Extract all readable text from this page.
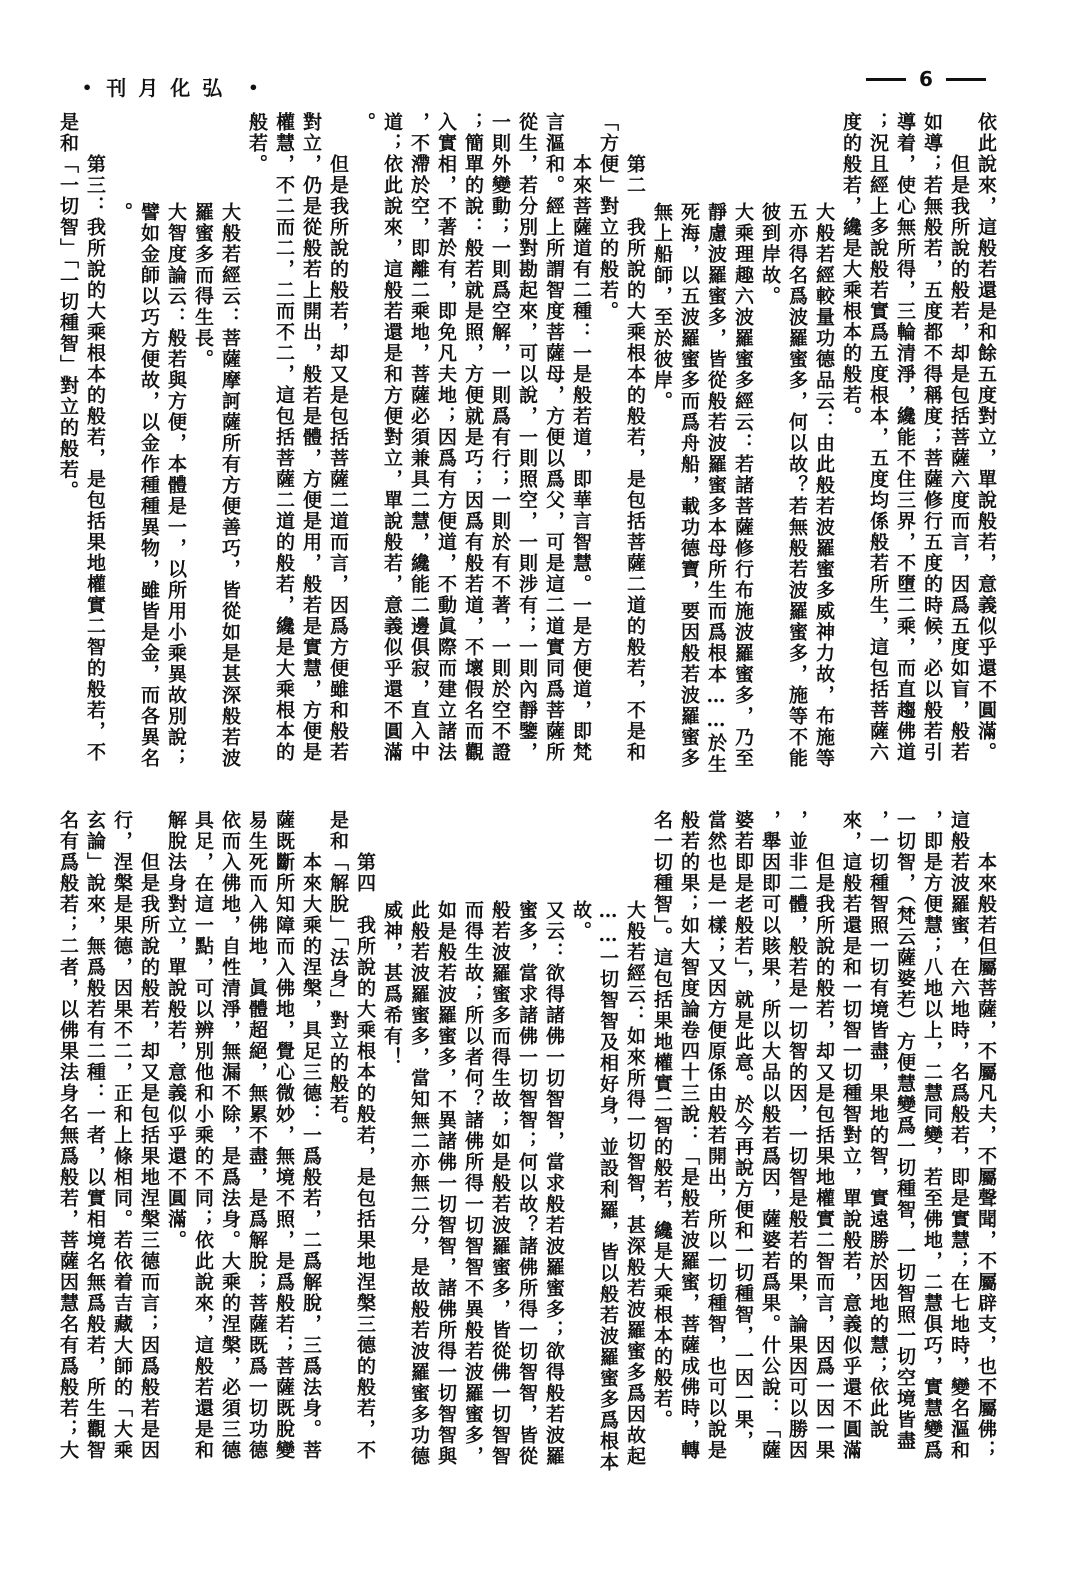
• 弘化月刊 •	6
依此說來，這般若還是和餘五度對立，單說般若，意義似乎還不圓滿。
但是我所說的般若，却是包括菩薩六度而言，因爲五度如盲，般若
如導；若無般若，五度都不得稱度；菩薩修行五度的時候，必以般若引
導着，使心無所得，三輪清淨，纔能不住三界，不墮二乘，而直趨佛道
；況且經上多說般若實爲五度根本，五度均係般若所生，這包括菩薩六
度的般若，纔是大乘根本的般若。
大般若經較量功德品云：由此般若波羅蜜多威神力故，布施等
五亦得名爲波羅蜜多，何以故？若無般若波羅蜜多，施等不能
彼到岸故。
大乘理趣六波羅蜜多經云：若諸菩薩修行布施波羅蜜多，乃至
靜慮波羅蜜多，皆從般若波羅蜜多本母所生而爲根本……於生
死海，以五波羅蜜多而爲舟船，載功德寶，要因般若波羅蜜多
無上船師，至於彼岸。
第二　我所說的大乘根本的般若，是包括菩薩二道的般若，不是和
「方便」對立的般若。
本來菩薩道有二種：一是般若道，即華言智慧。一是方便道，即梵
言漚和。經上所謂智度菩薩母，方便以爲父，可是這二道實同爲菩薩所
從生，若分別對勘起來，可以說，一則照空，一則涉有；一則內靜鑒，
一則外變動；一則爲空解，一則爲有行；一則於有不著，一則於空不證
；簡單的說：般若就是照，方便就是巧；因爲有般若道，不壞假名而觀
入實相，不著於有，即免凡夫地；因爲有方便道，不動眞際而建立諸法
，不滯於空，即離二乘地，菩薩必須兼具二慧，纔能二邊俱寂，直入中
道；依此說來，這般若還是和方便對立，單說般若，意義似乎還不圓滿
。
但是我所說的般若，却又是包括菩薩二道而言，因爲方便雖和般若
對立，仍是從般若上開出，般若是體，方便是用，般若是實慧，方便是
權慧，不二而二，二而不二，這包括菩薩二道的般若，纔是大乘根本的
般若。
大般若經云：菩薩摩訶薩所有方便善巧，皆從如是甚深般若波
羅蜜多而得生長。
大智度論云：般若與方便，本體是一，以所用小乘異故別說；
譬如金師以巧方便故，以金作種種異物，雖皆是金，而各異名
。
第三：我所說的大乘根本的般若，是包括果地權實二智的般若，不
是和「一切智」「一切種智」對立的般若。
本來般若但屬菩薩，不屬凡夫，不屬聲聞，不屬辟支，也不屬佛；
這般若波羅蜜，在六地時，名爲般若，即是實慧；在七地時，變名漚和
，即是方便慧；八地以上，二慧同變，若至佛地，二慧俱巧，實慧變爲
一切智，（梵云薩婆若）方便慧變爲一切種智，一切智照一切空境皆盡
，一切種智照一切有境皆盡，果地的智，實遠勝於因地的慧；依此說
來，這般若還是和一切智一切種智對立，單說般若，意義似乎還不圓滿
但是我所說的般若，却又是包括果地權實二智而言，因爲一因一果
，並非二體，般若是一切智的因，一切智是般若的果，論果因可以勝因
，舉因即可以賅果，所以大品以般若爲因，薩婆若爲果。什公說：「薩
婆若即是老般若」，就是此意。於今再說方便和一切種智，一因一果，
當然也是一樣；又因方便原係由般若開出，所以一切種智，也可以說是
般若的果；如大智度論卷四十三說：「是般若波羅蜜，菩薩成佛時，轉
名一切種智」。這包括果地權實二智的般若，纔是大乘根本的般若。
大般若經云：如來所得一切智智，甚深般若波羅蜜多爲因故起
……一切智智及相好身，並設利羅，皆以般若波羅蜜多爲根本
故。
又云：欲得諸佛一切智智，當求般若波羅蜜多；欲得般若波羅
蜜多，當求諸佛一切智智；何以故？諸佛所得一切智智，皆從
般若波羅蜜多而得生故；如是般若波羅蜜多，皆從佛一切智智
而得生故；所以者何？諸佛所得一切智智不異般若波羅蜜多，
如是般若波羅蜜多，不異諸佛一切智智，諸佛所得一切智智與
此般若波羅蜜多，當知無二亦無二分，是故般若波羅蜜多功德
威神，甚爲希有！
第四　我所說的大乘根本的般若，是包括果地涅槃三德的般若，不
是和「解脫」「法身」對立的般若。
本來大乘的涅槃，具足三德：一爲般若，二爲解脫，三爲法身。菩
薩既斷所知障而入佛地，覺心微妙，無境不照，是爲般若；菩薩既脫變
易生死而入佛地，眞體超絕，無累不盡，是爲解脫；菩薩既爲一切功德
依而入佛地，自性清淨，無漏不除，是爲法身。大乘的涅槃，必須三德
具足，在這一點，可以辨別他和小乘的不同；依此說來，這般若還是和
解脫法身對立，單說般若，意義似乎還不圓滿。
但是我所說的般若，却又是包括果地涅槃三德而言；因爲般若是因
行，涅槃是果德，因果不二，正和上條相同。若依着吉藏大師的「大乘
玄論」說來，無爲般若有二種：一者，以實相境名無爲般若，所生觀智
名有爲般若；二者，以佛果法身名無爲般若，菩薩因慧名有爲般若；大
